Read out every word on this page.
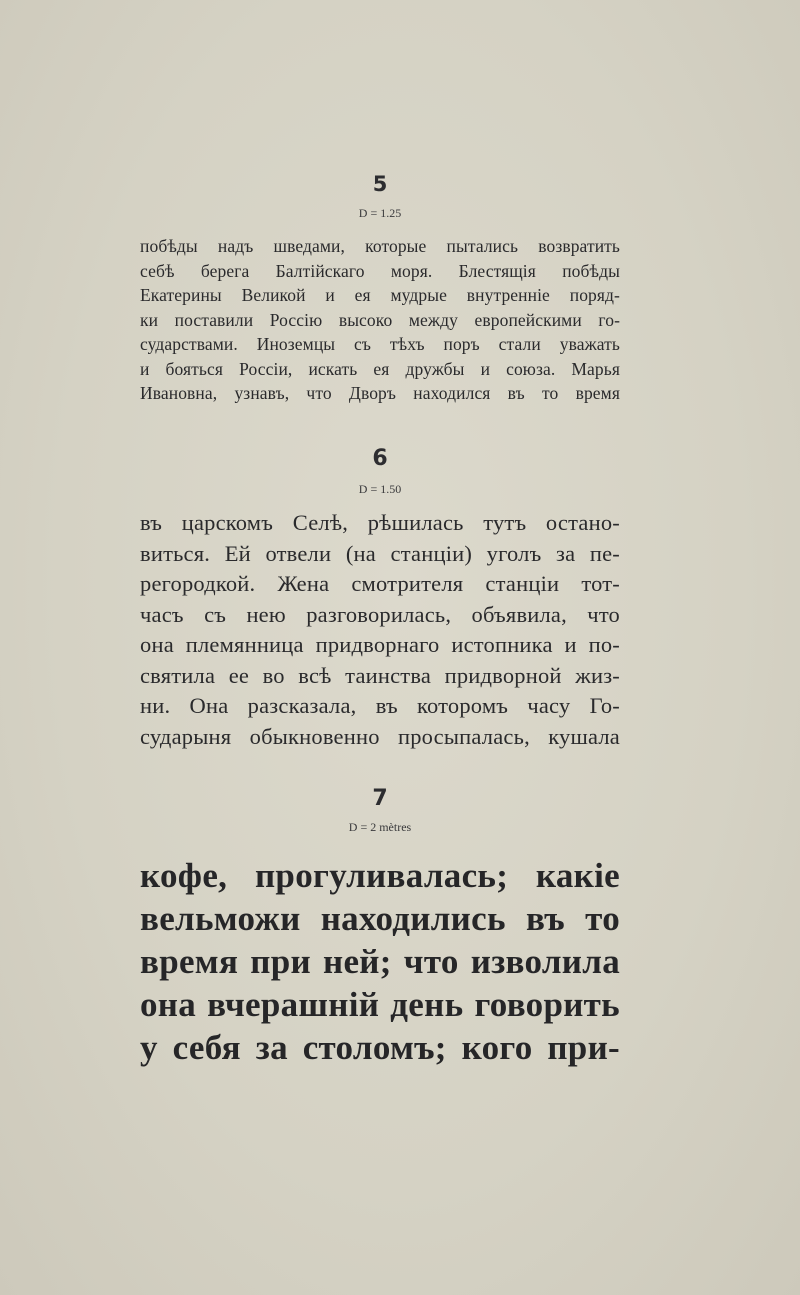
5
D = 1.25
побѣды надъ шведами, которые пытались возвратить
себѣ берега Балтійскаго моря. Блестящія побѣды
Екатерины Великой и ея мудрые внутренніе поряд-
ки поставили Россію высоко между европейскими го-
сударствами. Иноземцы съ тѣхъ поръ стали уважать
и бояться Россіи, искать ея дружбы и союза. Марья
Ивановна, узнавъ, что Дворъ находился въ то время
6
D = 1.50
въ царскомъ Селѣ, рѣшилась тутъ остано-
виться. Ей отвели (на станціи) уголъ за пе-
регородкой. Жена смотрителя станціи тот-
часъ съ нею разговорилась, объявила, что
она племянница придворнаго истопника и по-
святила ее во всѣ таинства придворной жиз-
ни. Она разсказала, въ которомъ часу Го-
сударыня обыкновенно просыпалась, кушала
7
D = 2 mètres
кофе, прогуливалась; какіе
вельможи находились въ то
время при ней; что изволила
она вчерашній день говорить
у себя за столомъ; кого при-
